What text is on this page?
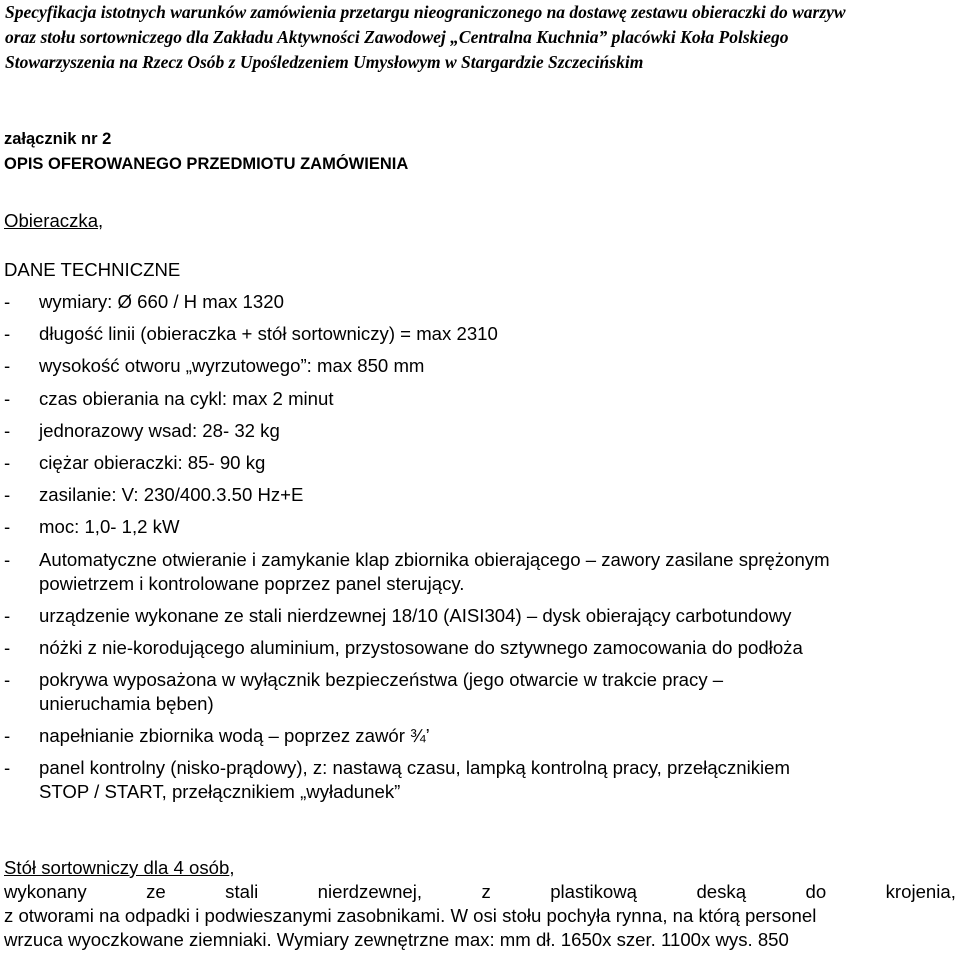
Specyfikacja istotnych warunków zamówienia przetargu nieograniczonego na dostawę zestawu obieraczki do warzyw
oraz stołu sortowniczego dla Zakładu Aktywności Zawodowej „Centralna Kuchnia” placówki Koła Polskiego
Stowarzyszenia na Rzecz Osób z Upośledzeniem Umysłowym w Stargardzie Szczecińskim
załącznik nr 2
OPIS OFEROWANEGO PRZEDMIOTU ZAMÓWIENIA
Obieraczka,
DANE TECHNICZNE
- wymiary: Ø 660 / H max 1320
- długość linii (obieraczka + stół sortowniczy) = max 2310
- wysokość otworu „wyrzutowego”: max 850 mm
- czas obierania na cykl: max 2 minut
- jednorazowy wsad: 28- 32 kg
- ciężar obieraczki: 85- 90 kg
- zasilanie: V: 230/400.3.50 Hz+E
- moc: 1,0- 1,2 kW
- Automatyczne otwieranie i zamykanie klap zbiornika obierającego – zawory zasilane sprężonym
powietrzem i kontrolowane poprzez panel sterujący.
- urządzenie wykonane ze stali nierdzewnej 18/10 (AISI304) – dysk obierający carbotundowy
- nóżki z nie-korodującego aluminium, przystosowane do sztywnego zamocowania do podłoża
- pokrywa wyposażona w wyłącznik bezpieczeństwa (jego otwarcie w trakcie pracy –
unieruchamia bęben)
- napełnianie zbiornika wodą – poprzez zawór ¾’
- panel kontrolny (nisko-prądowy), z: nastawą czasu, lampką kontrolną pracy, przełącznikiem
STOP / START, przełącznikiem „wyładunek”
Stół sortowniczy dla 4 osób,
wykonany	ze	stali	nierdzewnej,	z	plastikową	deską	do	krojenia,
z otworami na odpadki i podwieszanymi zasobnikami. W osi stołu pochyła rynna, na którą personel
wrzuca wyoczkowane ziemniaki. Wymiary zewnętrzne max: mm dł. 1650x szer. 1100x wys. 850
